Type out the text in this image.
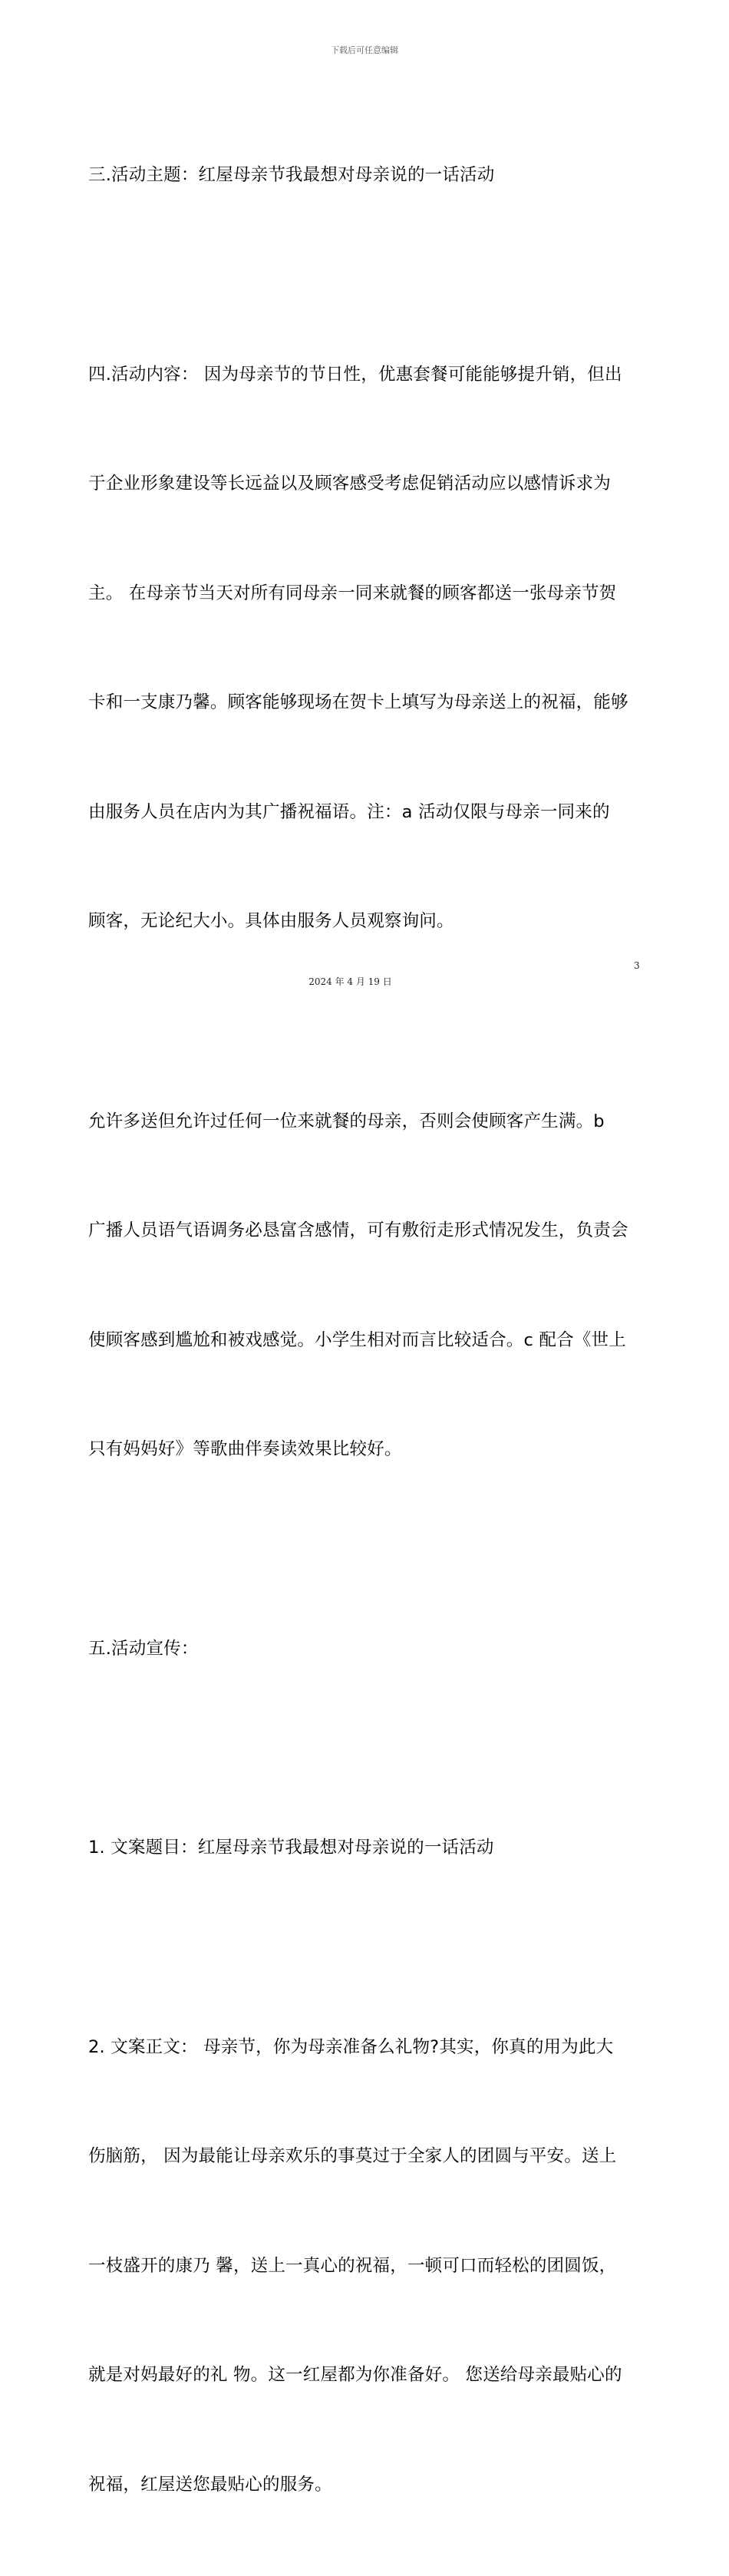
下载后可任意编辑

三.活动主题：红屋母亲节我最想对母亲说的一话活动

四.活动内容： 因为母亲节的节日性，优惠套餐可能能够提升销，但出

于企业形象建设等长远益以及顾客感受考虑促销活动应以感情诉求为

主。 在母亲节当天对所有同母亲一同来就餐的顾客都送一张母亲节贺

卡和一支康乃馨。顾客能够现场在贺卡上填写为母亲送上的祝福，能够

由服务人员在店内为其广播祝福语。注：a 活动仅限与母亲一同来的

顾客，无论纪大小。具体由服务人员观察询问。

允许多送但允许过任何一位来就餐的母亲，否则会使顾客产生满。b

广播人员语气语调务必恳富含感情，可有敷衍走形式情况发生，负责会

使顾客感到尴尬和被戏感觉。小学生相对而言比较适合。c 配合《世上

只有妈妈好》等歌曲伴奏读效果比较好。

五.活动宣传：

1. 文案题目：红屋母亲节我最想对母亲说的一话活动

2. 文案正文： 母亲节，你为母亲准备么礼物?其实，你真的用为此大

伤脑筋， 因为最能让母亲欢乐的事莫过于全家人的团圆与平安。送上

一枝盛开的康乃 馨，送上一真心的祝福，一顿可口而轻松的团圆饭，

就是对妈最好的礼 物。这一红屋都为你准备好。 您送给母亲最贴心的

祝福，红屋送您最贴心的服务。

3
2024 年 4 月 19 日
